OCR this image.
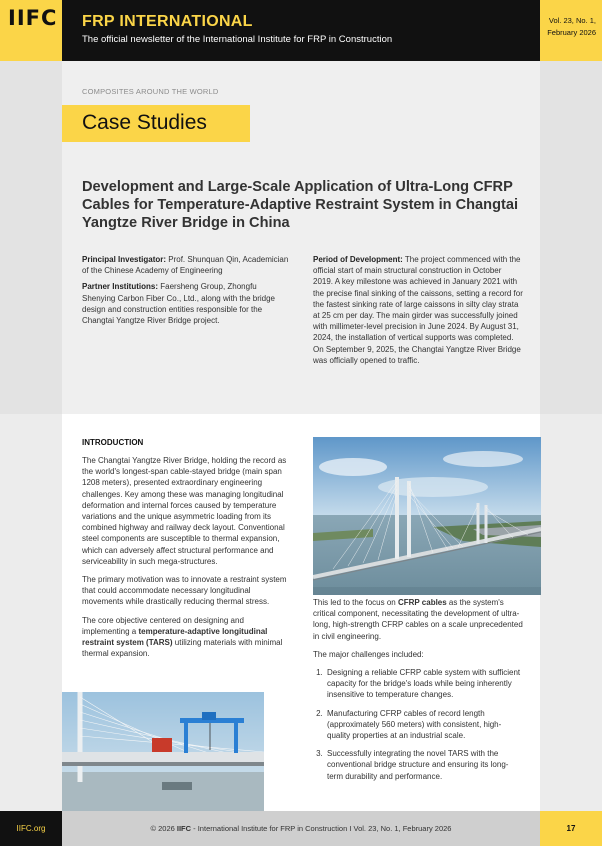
IIFC FRP INTERNATIONAL
The official newsletter of the International Institute for FRP in Construction
Vol. 23, No. 1,
February 2026
COMPOSITES AROUND THE WORLD
Case Studies
Development and Large-Scale Application of Ultra-Long CFRP Cables for Temperature-Adaptive Restraint System in Changtai Yangtze River Bridge in China

Principal Investigator: Prof. Shunquan Qin, Academician of the Chinese Academy of Engineering

Partner Institutions: Faersheng Group, Zhongfu Shenying Carbon Fiber Co., Ltd., along with the bridge design and construction entities responsible for the Changtai Yangtze River Bridge project.

Period of Development: The project commenced with the official start of main structural construction in October 2019. A key milestone was achieved in January 2021 with the precise final sinking of the caissons, setting a record for the fastest sinking rate of large caissons in silty clay strata at 25 cm per day. The main girder was successfully joined with millimeter-level precision in June 2024. By August 31, 2024, the installation of vertical supports was completed. On September 9, 2025, the Changtai Yangtze River Bridge was officially opened to traffic.

INTRODUCTION

The Changtai Yangtze River Bridge, holding the record as the world's longest-span cable-stayed bridge (main span 1208 meters), presented extraordinary engineering challenges. Key among these was managing longitudinal deformation and internal forces caused by temperature variations and the unique asymmetric loading from its combined highway and railway deck layout. Conventional steel components are susceptible to thermal expansion, which can adversely affect structural performance and serviceability in such mega-structures.

The primary motivation was to innovate a restraint system that could accommodate necessary longitudinal movements while drastically reducing thermal stress.

The core objective centered on designing and implementing a temperature-adaptive longitudinal restraint system (TARS) utilizing materials with minimal thermal expansion.

This led to the focus on CFRP cables as the system's critical component, necessitating the development of ultra-long, high-strength CFRP cables on a scale unprecedented in civil engineering.

The major challenges included:

1. Designing a reliable CFRP cable system with sufficient capacity for the bridge's loads while being inherently insensitive to temperature changes.
2. Manufacturing CFRP cables of record length (approximately 560 meters) with consistent, high-quality properties at an industrial scale.
3. Successfully integrating the novel TARS with the conventional bridge structure and ensuring its long-term durability and performance.
IIFC.org	© 2026 IIFC - International Institute for FRP in Construction I Vol. 23, No. 1, February 2026	17
